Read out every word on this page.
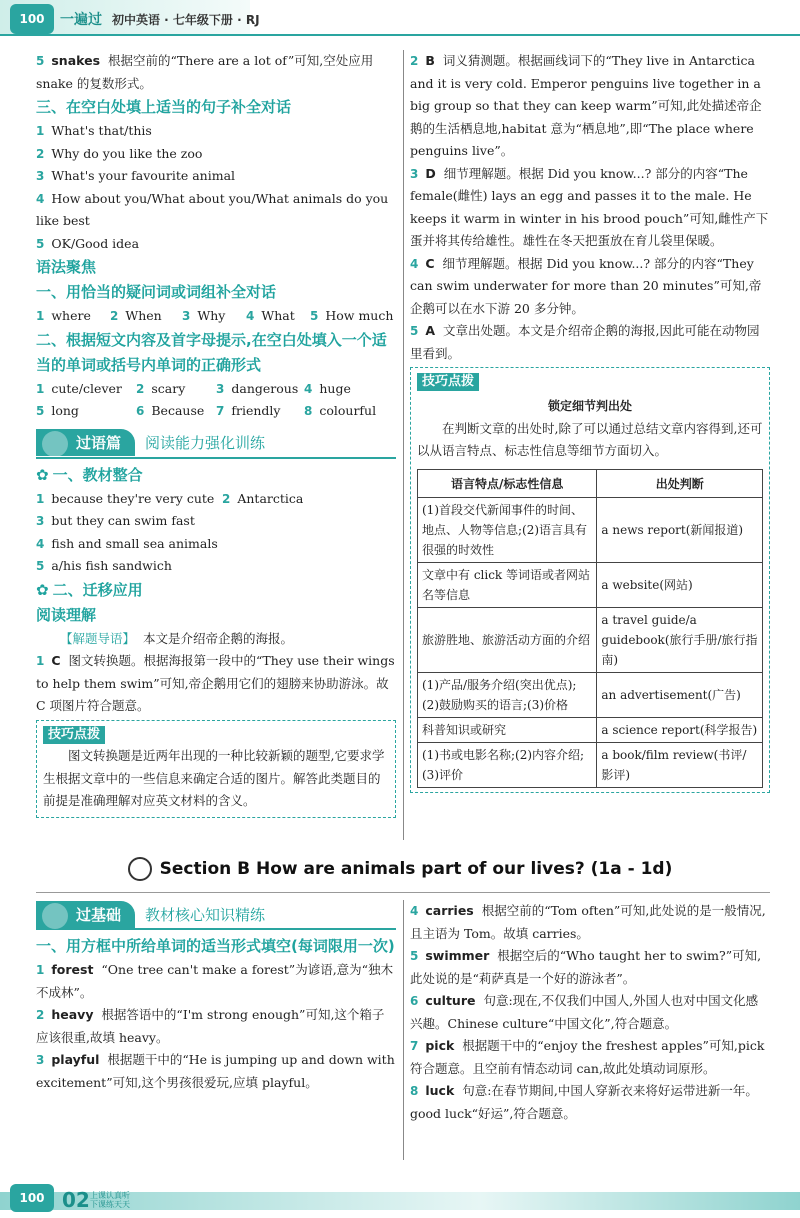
100	一遍过 初中英语 · 七年级下册 · RJ
5 snakes 根据空前的“There are a lot of”可知,空处应用 snake 的复数形式。
三、在空白处填上适当的句子补全对话
1 What's that/this
2 Why do you like the zoo
3 What's your favourite animal
4 How about you/What about you/What animals do you like best
5 OK/Good idea
语法聚焦
一、用恰当的疑问词或词组补全对话
1 where	2 When	3 Why	4 What	5 How much
二、根据短文内容及首字母提示,在空白处填入一个适当的单词或括号内单词的正确形式
1 cute/clever	2 scary	3 dangerous 4 huge
5 long	6 Because 7 friendly	8 colourful
过语篇	阅读能力强化训练
✿ 一、教材整合
1 because they're very cute 2 Antarctica
3 but they can swim fast
4 fish and small sea animals
5 a/his fish sandwich
✿ 二、迁移应用
阅读理解
【解题导语】 本文是介绍帝企鹅的海报。
1 C 图文转换题。根据海报第一段中的“They use their wings to help them swim”可知,帝企鹅用它们的翅膀来协助游泳。故 C 项图片符合题意。
技巧点拨
图文转换题是近两年出现的一种比较新颖的题型,它要求学生根据文章中的一些信息来确定合适的图片。解答此类题目的前提是准确理解对应英文材料的含义。
2 B 词义猜测题。根据画线词下的“They live in Antarctica and it is very cold. Emperor penguins live together in a big group so that they can keep warm”可知,此处描述帝企鹅的生活栖息地,habitat 意为“栖息地”,即“The place where penguins live”。
3 D 细节理解题。根据 Did you know...? 部分的内容“The female(雌性) lays an egg and passes it to the male. He keeps it warm in winter in his brood pouch”可知,雌性产下蛋并将其传给雄性。雄性在冬天把蛋放在育儿袋里保暖。
4 C 细节理解题。根据 Did you know...? 部分的内容“They can swim underwater for more than 20 minutes”可知,帝企鹅可以在水下游 20 多分钟。
5 A 文章出处题。本文是介绍帝企鹅的海报,因此可能在动物园里看到。
技巧点拨
锁定细节判出处
在判断文章的出处时,除了可以通过总结文章内容得到,还可以从语言特点、标志性信息等细节方面切入。
语言特点/标志性信息	出处判断
(1)首段交代新闻事件的时间、地点、人物等信息;(2)语言具有很强的时效性	a news report(新闻报道)
文章中有 click 等词语或者网站名等信息	a website(网站)
旅游胜地、旅游活动方面的介绍	a travel guide/a guidebook(旅行手册/旅行指南)
(1)产品/服务介绍(突出优点);(2)鼓励购买的语言;(3)价格	an advertisement(广告)
科普知识或研究	a science report(科学报告)
(1)书或电影名称;(2)内容介绍;(3)评价	a book/film review(书评/影评)
Section B How are animals part of our lives? (1a - 1d)
过基础	教材核心知识精练
一、用方框中所给单词的适当形式填空(每词限用一次)
1 forest “One tree can't make a forest”为谚语,意为“独木不成林”。
2 heavy 根据答语中的“I'm strong enough”可知,这个箱子应该很重,故填 heavy。
3 playful 根据题干中的“He is jumping up and down with excitement”可知,这个男孩很爱玩,应填 playful。
4 carries 根据空前的“Tom often”可知,此处说的是一般情况,且主语为 Tom。故填 carries。
5 swimmer 根据空后的“Who taught her to swim?”可知,此处说的是“莉萨真是一个好的游泳者”。
6 culture 句意:现在,不仅我们中国人,外国人也对中国文化感兴趣。Chinese culture“中国文化”,符合题意。
7 pick 根据题干中的“enjoy the freshest apples”可知,pick 符合题意。且空前有情态动词 can,故此处填动词原形。
8 luck 句意:在春节期间,中国人穿新衣来将好运带进新一年。good luck“好运”,符合题意。
100 02 上课认真听
下课练天天
